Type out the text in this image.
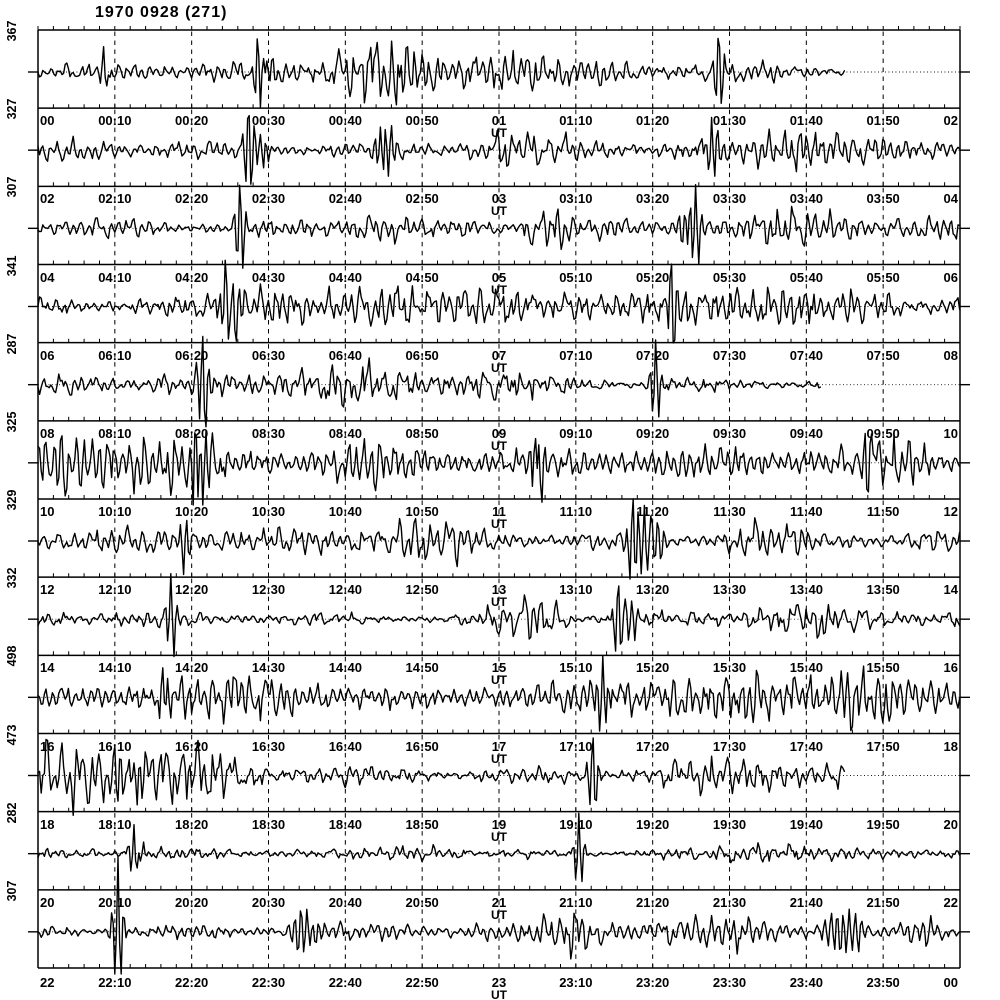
1970 0928 (271)
367
327
307
341
287
325
329
332
498
473
282
307
00	00:10	00:20	00:30	00:40	00:50	01
UT
01:10	01:20	01:30	01:40	01:50	02
02	02:10	02:20	02:30	02:40	02:50	03
UT
03:10	03:20	03:30	03:40	03:50	04
04	04:10	04:20	04:30	04:40	04:50	05
UT
05:10	05:20	05:30	05:40	05:50	06
06	06:10	06:20	06:30	06:40	06:50	07
UT
07:10	07:20	07:30	07:40	07:50	08
08	08:10	08:20	08:30	08:40	08:50	09
UT
09:10	09:20	09:30	09:40	09:50	10
10	10:10	10:20	10:30	10:40	10:50	11
UT
11:10	11:20	11:30	11:40	11:50	12
12	12:10	12:20	12:30	12:40	12:50	13
UT
13:10	13:20	13:30	13:40	13:50	14
14	14:10	14:20	14:30	14:40	14:50	15
UT
15:10	15:20	15:30	15:40	15:50	16
16	16:10	16:20	16:30	16:40	16:50	17
UT
17:10	17:20	17:30	17:40	17:50	18
18	18:10	18:20	18:30	18:40	18:50	19
UT
19:10	19:20	19:30	19:40	19:50	20
20	20:10	20:20	20:30	20:40	20:50	21
UT
21:10	21:20	21:30	21:40	21:50	22
22	22:10	22:20	22:30	22:40	22:50	23
UT
23:10	23:20	23:30	23:40	23:50	00
